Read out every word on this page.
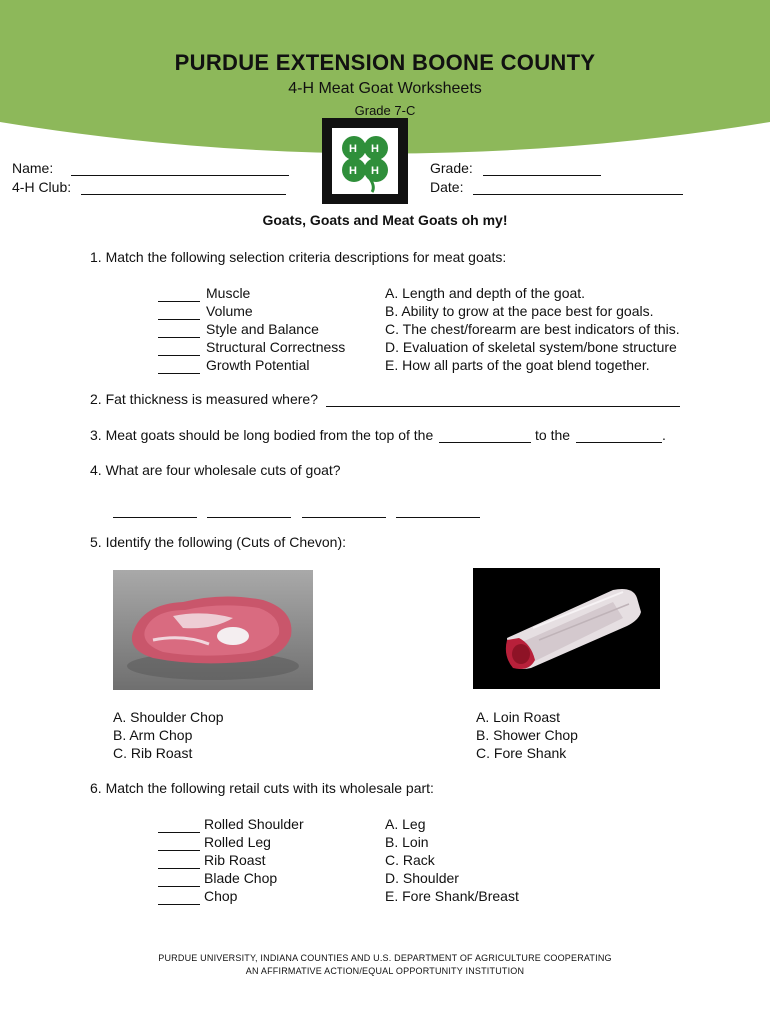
PURDUE EXTENSION BOONE COUNTY
4-H Meat Goat Worksheets
Grade 7-C
H H
H H
Name:
4-H Club:
Grade:
Date:
Goats, Goats and Meat Goats oh my!
1. Match the following selection criteria descriptions for meat goats:
Muscle
Volume
Style and Balance
Structural Correctness
Growth Potential
A. Length and depth of the goat.
B. Ability to grow at the pace best for goals.
C. The chest/forearm are best indicators of this.
D. Evaluation of skeletal system/bone structure
E. How all parts of the goat blend together.
2. Fat thickness is measured where?
3. Meat goats should be long bodied from the top of the	to the	.
4. What are four wholesale cuts of goat?

5. Identify the following (Cuts of Chevon):
A. Shoulder Chop
B. Arm Chop
C. Rib Roast
A. Loin Roast
B. Shower Chop
C. Fore Shank
6. Match the following retail cuts with its wholesale part:
Rolled Shoulder
Rolled Leg
Rib Roast
Blade Chop
Chop
A. Leg
B. Loin
C. Rack
D. Shoulder
E. Fore Shank/Breast
PURDUE UNIVERSITY, INDIANA COUNTIES AND U.S. DEPARTMENT OF AGRICULTURE COOPERATING
AN AFFIRMATIVE ACTION/EQUAL OPPORTUNITY INSTITUTION
